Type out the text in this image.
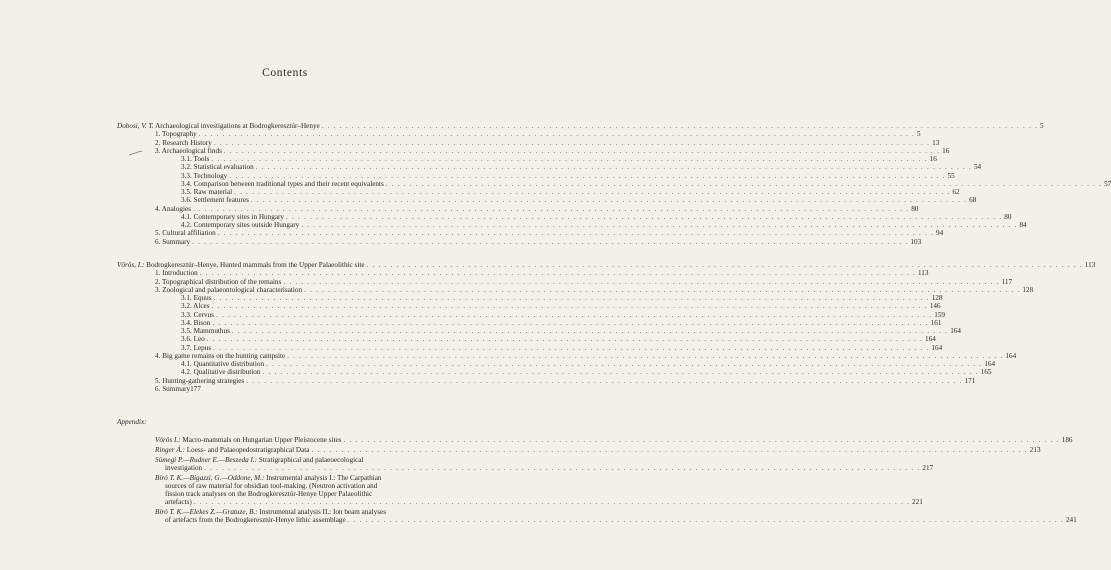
Contents
Dobosi, V. T. Archaeological investigations at Bodrogkeresztúr–Henye . . . . . . . . . . . . . . . . . . . . . . . . . . . . . . . . . . . . . . . . . . . . . . . . . . . . . . . . . . . . . . . . . . . . . . . . . . . . . . . . . . . . . . . . . . . . . . . . . . . . . . . . . . . . . . . . . . . . . . . . 5
1. Topography . . . . . . . . . . . . . . . . . . . . . . . . . . . . . . . . . . . . . . . . . . . . . . . . . . . . . . . . . . . . . . . . . . . . . . . . . . . . . . . . . . . . . . . . . . . . . . . . . . . . . . . . . . . . . . . . . . . . . . . . 5
2. Research History . . . . . . . . . . . . . . . . . . . . . . . . . . . . . . . . . . . . . . . . . . . . . . . . . . . . . . . . . . . . . . . . . . . . . . . . . . . . . . . . . . . . . . . . . . . . . . . . . . . . . . . . . . . . . . . . . . . . . . . . 13
3. Archaeological finds . . . . . . . . . . . . . . . . . . . . . . . . . . . . . . . . . . . . . . . . . . . . . . . . . . . . . . . . . . . . . . . . . . . . . . . . . . . . . . . . . . . . . . . . . . . . . . . . . . . . . . . . . . . . . . . . . . . . . . . . 16
3.1. Tools . . . . . . . . . . . . . . . . . . . . . . . . . . . . . . . . . . . . . . . . . . . . . . . . . . . . . . . . . . . . . . . . . . . . . . . . . . . . . . . . . . . . . . . . . . . . . . . . . . . . . . . . . . . . . . . . . . . . . . . . 16
3.2. Statistical evaluation . . . . . . . . . . . . . . . . . . . . . . . . . . . . . . . . . . . . . . . . . . . . . . . . . . . . . . . . . . . . . . . . . . . . . . . . . . . . . . . . . . . . . . . . . . . . . . . . . . . . . . . . . . . . . . . . . . . . . . . . 54
3.3. Technology . . . . . . . . . . . . . . . . . . . . . . . . . . . . . . . . . . . . . . . . . . . . . . . . . . . . . . . . . . . . . . . . . . . . . . . . . . . . . . . . . . . . . . . . . . . . . . . . . . . . . . . . . . . . . . . . . . . . . . . . 55
3.4. Comparison between traditional types and their recent equivalents . . . . . . . . . . . . . . . . . . . . . . . . . . . . . . . . . . . . . . . . . . . . . . . . . . . . . . . . . . . . . . . . . . . . . . . . . . . . . . . . . . . . . . . . . . . . . . . . . . . . . . . . . . . . . . . . . . . . . . . . 57
3.5. Raw material . . . . . . . . . . . . . . . . . . . . . . . . . . . . . . . . . . . . . . . . . . . . . . . . . . . . . . . . . . . . . . . . . . . . . . . . . . . . . . . . . . . . . . . . . . . . . . . . . . . . . . . . . . . . . . . . . . . . . . . . 62
3.6. Settlement features . . . . . . . . . . . . . . . . . . . . . . . . . . . . . . . . . . . . . . . . . . . . . . . . . . . . . . . . . . . . . . . . . . . . . . . . . . . . . . . . . . . . . . . . . . . . . . . . . . . . . . . . . . . . . . . . . . . . . . . . 68
4. Analogies . . . . . . . . . . . . . . . . . . . . . . . . . . . . . . . . . . . . . . . . . . . . . . . . . . . . . . . . . . . . . . . . . . . . . . . . . . . . . . . . . . . . . . . . . . . . . . . . . . . . . . . . . . . . . . . . . . . . . . . . 80
4.1. Contemporary sites in Hungary . . . . . . . . . . . . . . . . . . . . . . . . . . . . . . . . . . . . . . . . . . . . . . . . . . . . . . . . . . . . . . . . . . . . . . . . . . . . . . . . . . . . . . . . . . . . . . . . . . . . . . . . . . . . . . . . . . . . . . . . 80
4.2. Contemporary sites outside Hungary . . . . . . . . . . . . . . . . . . . . . . . . . . . . . . . . . . . . . . . . . . . . . . . . . . . . . . . . . . . . . . . . . . . . . . . . . . . . . . . . . . . . . . . . . . . . . . . . . . . . . . . . . . . . . . . . . . . . . . . . 84
5. Cultural affiliation . . . . . . . . . . . . . . . . . . . . . . . . . . . . . . . . . . . . . . . . . . . . . . . . . . . . . . . . . . . . . . . . . . . . . . . . . . . . . . . . . . . . . . . . . . . . . . . . . . . . . . . . . . . . . . . . . . . . . . . . 94
6. Summary . . . . . . . . . . . . . . . . . . . . . . . . . . . . . . . . . . . . . . . . . . . . . . . . . . . . . . . . . . . . . . . . . . . . . . . . . . . . . . . . . . . . . . . . . . . . . . . . . . . . . . . . . . . . . . . . . . . . . . . . 103
Vörös, I.: Bodrogkeresztúr–Henye, Hunted mammals from the Upper Palaeolithic site . . . . . . . . . . . . . . . . . . . . . . . . . . . . . . . . . . . . . . . . . . . . . . . . . . . . . . . . . . . . . . . . . . . . . . . . . . . . . . . . . . . . . . . . . . . . . . . . . . . . . . . . . . . . . . . . . . . . . . . . 113
1. Introduction . . . . . . . . . . . . . . . . . . . . . . . . . . . . . . . . . . . . . . . . . . . . . . . . . . . . . . . . . . . . . . . . . . . . . . . . . . . . . . . . . . . . . . . . . . . . . . . . . . . . . . . . . . . . . . . . . . . . . . . . 113
2. Topographical distribution of the remains . . . . . . . . . . . . . . . . . . . . . . . . . . . . . . . . . . . . . . . . . . . . . . . . . . . . . . . . . . . . . . . . . . . . . . . . . . . . . . . . . . . . . . . . . . . . . . . . . . . . . . . . . . . . . . . . . . . . . . . . 117
3. Zoological and palaeontological characterisation . . . . . . . . . . . . . . . . . . . . . . . . . . . . . . . . . . . . . . . . . . . . . . . . . . . . . . . . . . . . . . . . . . . . . . . . . . . . . . . . . . . . . . . . . . . . . . . . . . . . . . . . . . . . . . . . . . . . . . . . 128
3.1. Equus . . . . . . . . . . . . . . . . . . . . . . . . . . . . . . . . . . . . . . . . . . . . . . . . . . . . . . . . . . . . . . . . . . . . . . . . . . . . . . . . . . . . . . . . . . . . . . . . . . . . . . . . . . . . . . . . . . . . . . . . 128
3.2. Alces . . . . . . . . . . . . . . . . . . . . . . . . . . . . . . . . . . . . . . . . . . . . . . . . . . . . . . . . . . . . . . . . . . . . . . . . . . . . . . . . . . . . . . . . . . . . . . . . . . . . . . . . . . . . . . . . . . . . . . . . 146
3.3. Cervus . . . . . . . . . . . . . . . . . . . . . . . . . . . . . . . . . . . . . . . . . . . . . . . . . . . . . . . . . . . . . . . . . . . . . . . . . . . . . . . . . . . . . . . . . . . . . . . . . . . . . . . . . . . . . . . . . . . . . . . . 159
3.4. Bison . . . . . . . . . . . . . . . . . . . . . . . . . . . . . . . . . . . . . . . . . . . . . . . . . . . . . . . . . . . . . . . . . . . . . . . . . . . . . . . . . . . . . . . . . . . . . . . . . . . . . . . . . . . . . . . . . . . . . . . . 161
3.5. Mammuthus . . . . . . . . . . . . . . . . . . . . . . . . . . . . . . . . . . . . . . . . . . . . . . . . . . . . . . . . . . . . . . . . . . . . . . . . . . . . . . . . . . . . . . . . . . . . . . . . . . . . . . . . . . . . . . . . . . . . . . . . 164
3.6. Leo . . . . . . . . . . . . . . . . . . . . . . . . . . . . . . . . . . . . . . . . . . . . . . . . . . . . . . . . . . . . . . . . . . . . . . . . . . . . . . . . . . . . . . . . . . . . . . . . . . . . . . . . . . . . . . . . . . . . . . . . 164
3.7. Lepus . . . . . . . . . . . . . . . . . . . . . . . . . . . . . . . . . . . . . . . . . . . . . . . . . . . . . . . . . . . . . . . . . . . . . . . . . . . . . . . . . . . . . . . . . . . . . . . . . . . . . . . . . . . . . . . . . . . . . . . . 164
4. Big game remains on the hunting campsite . . . . . . . . . . . . . . . . . . . . . . . . . . . . . . . . . . . . . . . . . . . . . . . . . . . . . . . . . . . . . . . . . . . . . . . . . . . . . . . . . . . . . . . . . . . . . . . . . . . . . . . . . . . . . . . . . . . . . . . . 164
4.1. Quantitative distribution . . . . . . . . . . . . . . . . . . . . . . . . . . . . . . . . . . . . . . . . . . . . . . . . . . . . . . . . . . . . . . . . . . . . . . . . . . . . . . . . . . . . . . . . . . . . . . . . . . . . . . . . . . . . . . . . . . . . . . . . 164
4.2. Qualitative distribution . . . . . . . . . . . . . . . . . . . . . . . . . . . . . . . . . . . . . . . . . . . . . . . . . . . . . . . . . . . . . . . . . . . . . . . . . . . . . . . . . . . . . . . . . . . . . . . . . . . . . . . . . . . . . . . . . . . . . . . . 165
5. Hunting-gathering strategies . . . . . . . . . . . . . . . . . . . . . . . . . . . . . . . . . . . . . . . . . . . . . . . . . . . . . . . . . . . . . . . . . . . . . . . . . . . . . . . . . . . . . . . . . . . . . . . . . . . . . . . . . . . . . . . . . . . . . . . . 171
6. Summary177
Vörös I.: Macro-mammals on Hungarian Upper Pleistocene sites . . . . . . . . . . . . . . . . . . . . . . . . . . . . . . . . . . . . . . . . . . . . . . . . . . . . . . . . . . . . . . . . . . . . . . . . . . . . . . . . . . . . . . . . . . . . . . . . . . . . . . . . . . . . . . . . . . . . . . . . 186
Ringer Á.: Loess- and Palaeopedostratigraphical Data . . . . . . . . . . . . . . . . . . . . . . . . . . . . . . . . . . . . . . . . . . . . . . . . . . . . . . . . . . . . . . . . . . . . . . . . . . . . . . . . . . . . . . . . . . . . . . . . . . . . . . . . . . . . . . . . . . . . . . . . 213
Sümegi P.—Rudner E.—Beszeda I.: Stratigraphical and palaeoecological
investigation . . . . . . . . . . . . . . . . . . . . . . . . . . . . . . . . . . . . . . . . . . . . . . . . . . . . . . . . . . . . . . . . . . . . . . . . . . . . . . . . . . . . . . . . . . . . . . . . . . . . . . . . . . . . . . . . . . . . . . . . 217
Bíró T. K.—Bigazzi, G.—Oddone, M.: Instrumental analysis I.: The Carpathian
sources of raw material for obsidian tool-making. (Neutron activation and
fission track analyses on the Bodrogkeresztúr-Henye Upper Palaeolithic
artefacts) . . . . . . . . . . . . . . . . . . . . . . . . . . . . . . . . . . . . . . . . . . . . . . . . . . . . . . . . . . . . . . . . . . . . . . . . . . . . . . . . . . . . . . . . . . . . . . . . . . . . . . . . . . . . . . . . . . . . . . . . 221
Bíró T. K.—Elekes Z.—Gratuze, B.: Instrumental analysis II.: Ion beam analyses
of artefacts from the Bodrogkeresztúr-Henye lithic assemblage . . . . . . . . . . . . . . . . . . . . . . . . . . . . . . . . . . . . . . . . . . . . . . . . . . . . . . . . . . . . . . . . . . . . . . . . . . . . . . . . . . . . . . . . . . . . . . . . . . . . . . . . . . . . . . . . . . . . . . . . 241
Appendix:
